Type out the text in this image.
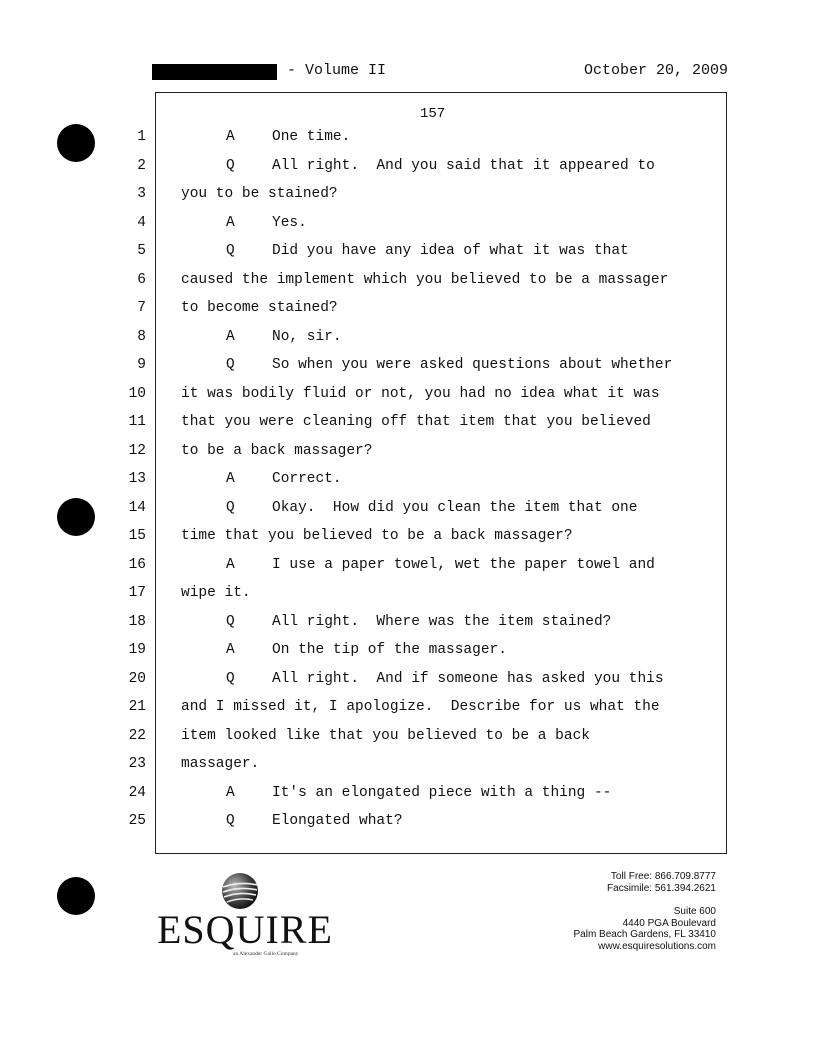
- Volume II	October 20, 2009
157
1	A	One time.
2	Q	All right.  And you said that it appeared to
3 you to be stained?
4	A	Yes.
5	Q	Did you have any idea of what it was that
6 caused the implement which you believed to be a massager
7 to become stained?
8	A	No, sir.
9	Q	So when you were asked questions about whether
10 it was bodily fluid or not, you had no idea what it was
11 that you were cleaning off that item that you believed
12 to be a back massager?
13	A	Correct.
14	Q	Okay.  How did you clean the item that one
15 time that you believed to be a back massager?
16	A	I use a paper towel, wet the paper towel and
17 wipe it.
18	Q	All right.  Where was the item stained?
19	A	On the tip of the massager.
20	Q	All right.  And if someone has asked you this
21 and I missed it, I apologize.  Describe for us what the
22 item looked like that you believed to be a back
23 massager.
24	A	It's an elongated piece with a thing --
25	Q	Elongated what?
ESQUIRE
an Alexander Gallo Company
Toll Free: 866.709.8777
Facsimile: 561.394.2621
Suite 600
4440 PGA Boulevard
Palm Beach Gardens, FL 33410
www.esquiresolutions.com
